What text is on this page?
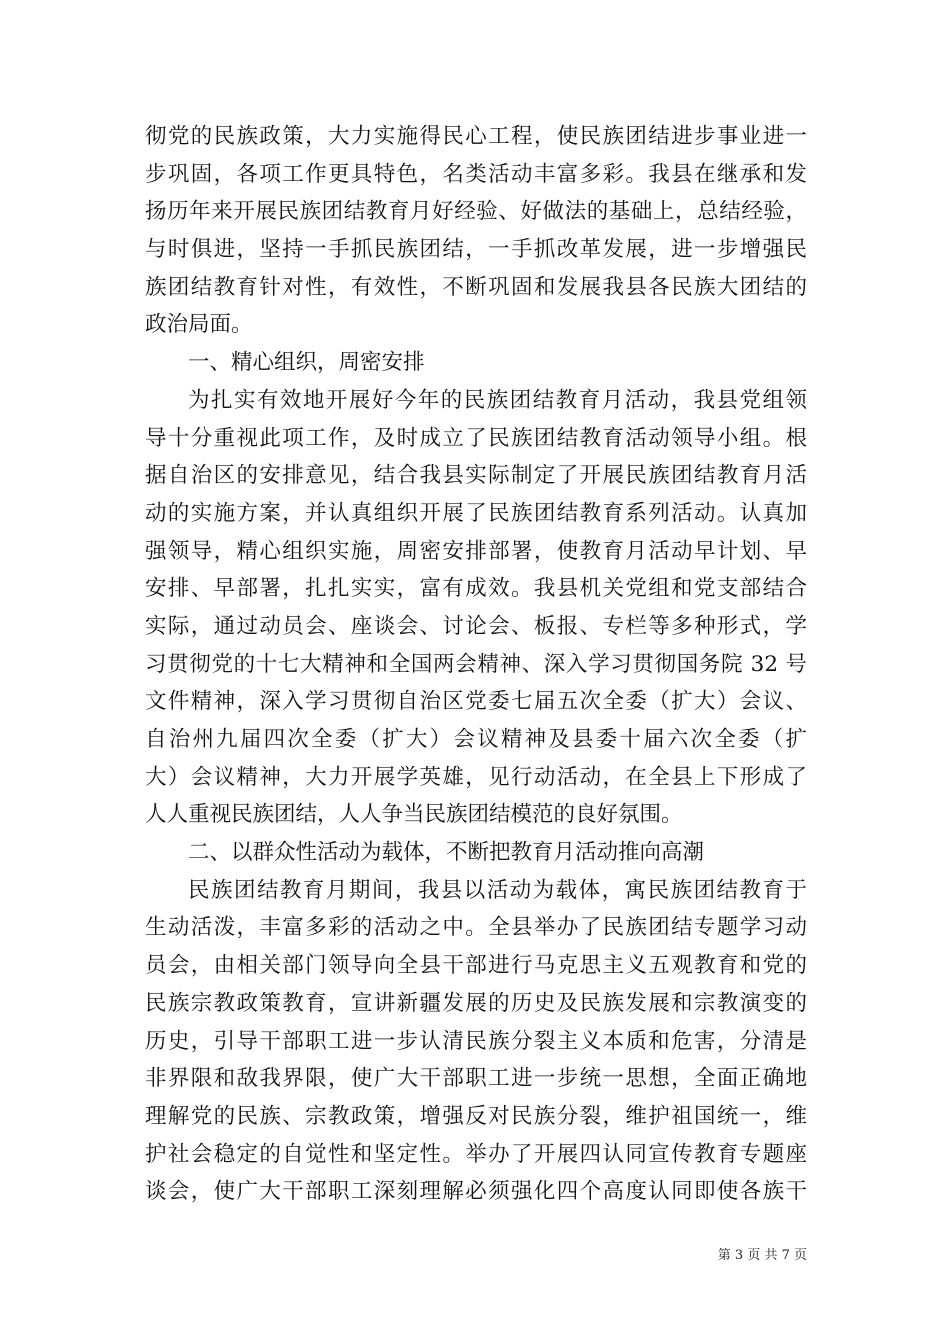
彻党的民族政策，大力实施得民心工程，使民族团结进步事业进一
步巩固，各项工作更具特色，名类活动丰富多彩。我县在继承和发
扬历年来开展民族团结教育月好经验、好做法的基础上，总结经验，
与时俱进，坚持一手抓民族团结，一手抓改革发展，进一步增强民
族团结教育针对性，有效性，不断巩固和发展我县各民族大团结的
政治局面。
一、精心组织，周密安排
为扎实有效地开展好今年的民族团结教育月活动，我县党组领
导十分重视此项工作，及时成立了民族团结教育活动领导小组。根
据自治区的安排意见，结合我县实际制定了开展民族团结教育月活
动的实施方案，并认真组织开展了民族团结教育系列活动。认真加
强领导，精心组织实施，周密安排部署，使教育月活动早计划、早
安排、早部署，扎扎实实，富有成效。我县机关党组和党支部结合
实际，通过动员会、座谈会、讨论会、板报、专栏等多种形式，学
习贯彻党的十七大精神和全国两会精神、深入学习贯彻国务院 32 号
文件精神，深入学习贯彻自治区党委七届五次全委（扩大）会议、
自治州九届四次全委（扩大）会议精神及县委十届六次全委（扩
大）会议精神，大力开展学英雄，见行动活动，在全县上下形成了
人人重视民族团结，人人争当民族团结模范的良好氛围。
二、以群众性活动为载体，不断把教育月活动推向高潮
民族团结教育月期间，我县以活动为载体，寓民族团结教育于
生动活泼，丰富多彩的活动之中。全县举办了民族团结专题学习动
员会，由相关部门领导向全县干部进行马克思主义五观教育和党的
民族宗教政策教育，宣讲新疆发展的历史及民族发展和宗教演变的
历史，引导干部职工进一步认清民族分裂主义本质和危害，分清是
非界限和敌我界限，使广大干部职工进一步统一思想，全面正确地
理解党的民族、宗教政策，增强反对民族分裂，维护祖国统一，维
护社会稳定的自觉性和坚定性。举办了开展四认同宣传教育专题座
谈会，使广大干部职工深刻理解必须强化四个高度认同即使各族干
第 3 页 共 7 页
